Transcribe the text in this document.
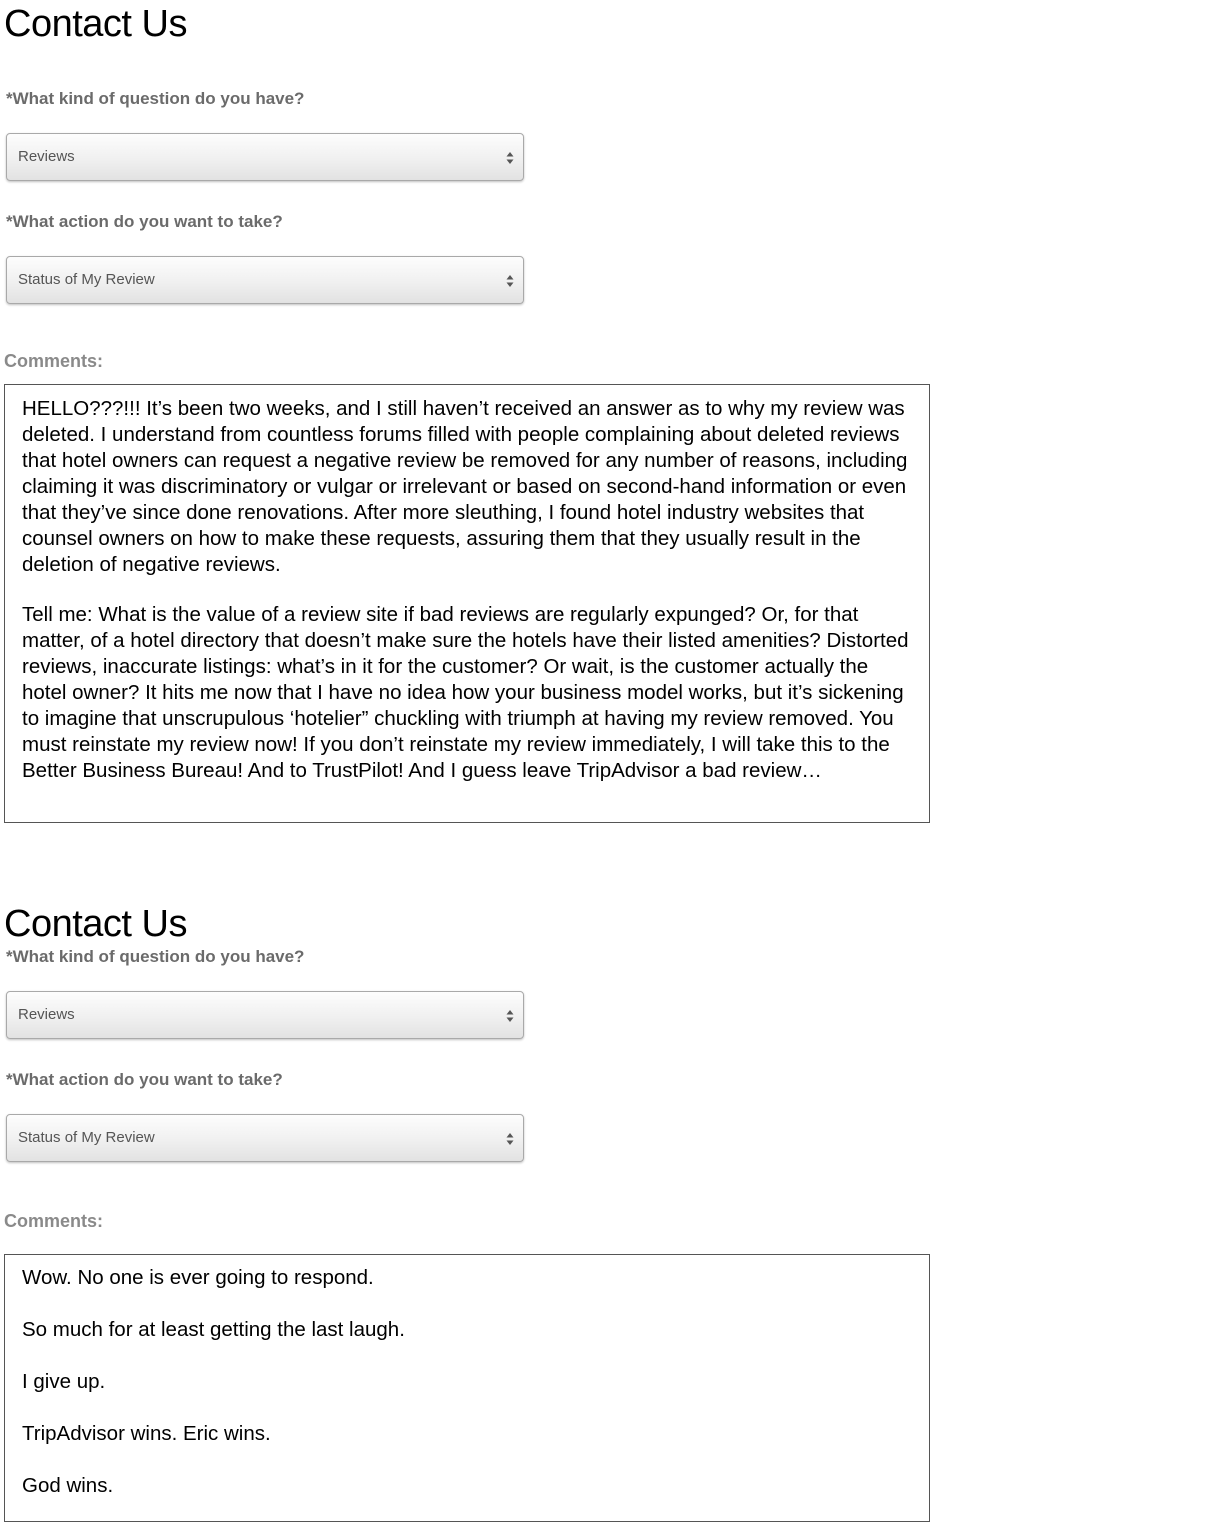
Contact Us
*What kind of question do you have?
Reviews
*What action do you want to take?
Status of My Review
Comments:

HELLO???!!! It’s been two weeks, and I still haven’t received an answer as to why my review was deleted. I understand from countless forums filled with people complaining about deleted reviews that hotel owners can request a negative review be removed for any number of reasons, including claiming it was discriminatory or vulgar or irrelevant or based on second-hand information or even that they’ve since done renovations. After more sleuthing, I found hotel industry websites that counsel owners on how to make these requests, assuring them that they usually result in the deletion of negative reviews.

Tell me: What is the value of a review site if bad reviews are regularly expunged? Or, for that matter, of a hotel directory that doesn’t make sure the hotels have their listed amenities? Distorted reviews, inaccurate listings: what’s in it for the customer? Or wait, is the customer actually the hotel owner? It hits me now that I have no idea how your business model works, but it’s sickening to imagine that unscrupulous ‘hotelier” chuckling with triumph at having my review removed. You must reinstate my review now! If you don’t reinstate my review immediately, I will take this to the Better Business Bureau! And to TrustPilot! And I guess leave TripAdvisor a bad review…

Contact Us
*What kind of question do you have?
Reviews
*What action do you want to take?
Status of My Review
Comments:

Wow. No one is ever going to respond.

So much for at least getting the last laugh.

I give up.

TripAdvisor wins. Eric wins.

God wins.
